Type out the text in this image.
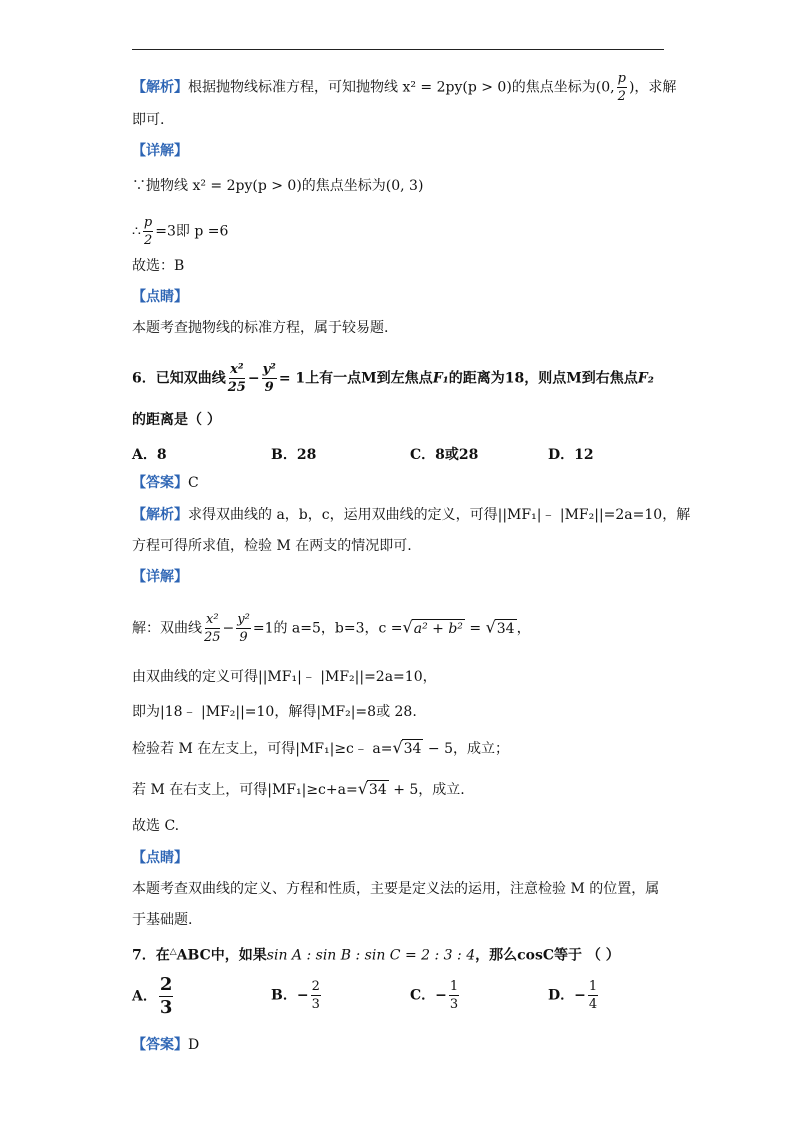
【解析】根据抛物线标准方程，可知抛物线 x² = 2py(p > 0)的焦点坐标为(0, $\frac{p}{2}$ )，求解
即可.
【详解】
∵抛物线 x² = 2py(p > 0)的焦点坐标为(0, 3)
∴ $\frac{p}{2} =3$即 p =6
故选：B
【点睛】
本题考查抛物线的标准方程，属于较易题.
6．已知双曲线 $\frac{\text{x²}}{25} - \frac{\text{y²}}{9} = 1$上有一点M到左焦点F₁的距离为18，则点M到右焦点F₂
的距离是（ ）
A．8	B．28	C．8或28	D．12
【答案】C
【解析】求得双曲线的 a，b，c，运用双曲线的定义，可得||MF₁|﹣ |MF₂||=2a=10，解
方程可得所求值，检验 M 在两支的情况即可.
【详解】
解：双曲线 $\frac{\text{x²}}{25} - \frac{\text{y²}}{9} =1$的 a=5，b=3，c =√a² + b² = √34 ，
由双曲线的定义可得||MF₁|﹣ |MF₂||=2a=10，
即为|18﹣ |MF₂||=10，解得|MF₂|=8或 28.
检验若 M 在左支上，可得|MF₁|≥c﹣ a=√34 − 5，成立；
若 M 在右支上，可得|MF₁|≥c+a=√34 + 5，成立.
故选 C.
【点睛】
本题考查双曲线的定义、方程和性质，主要是定义法的运用，注意检验 M 的位置，属
于基础题.
7．在△ABC中，如果sin A : sin B : sin C = 2 : 3 : 4，那么cosC等于 （ ）
A． $\frac{2}{3}$	B．− $\frac{2}{3}$	C．− $\frac{1}{3}$	D．− $\frac{1}{4}$
【答案】D
